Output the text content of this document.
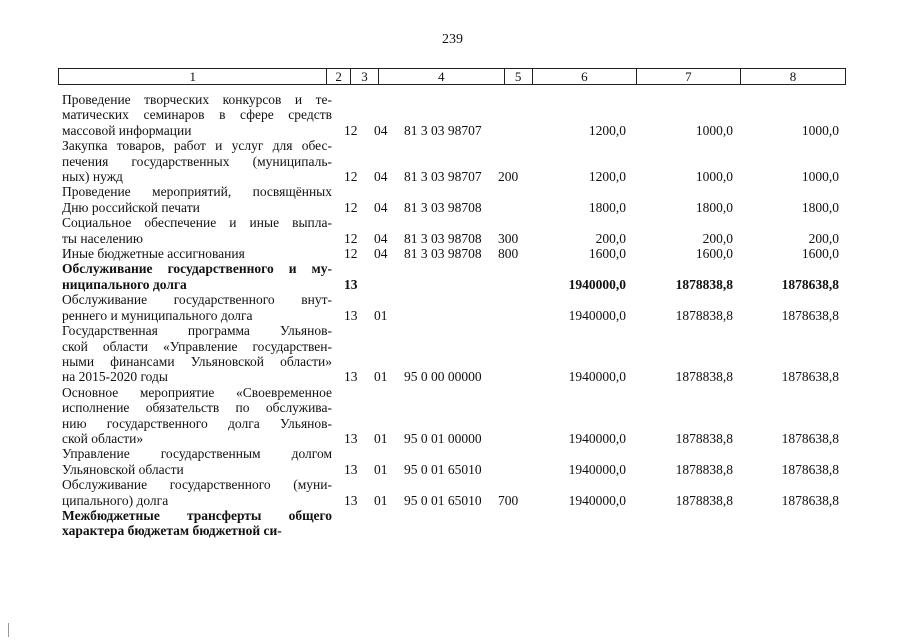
239
1	2	3	4	5	6	7	8
Проведение творческих конкурсов и те-
матических семинаров в сфере средств
массовой информации	12 04 81 3 03 98707	1200,0	1000,0	1000,0
Закупка товаров, работ и услуг для обес-
печения государственных (муниципаль-
ных) нужд	12 04 81 3 03 98707 200	1200,0	1000,0	1000,0
Проведение мероприятий, посвящённых
Дню российской печати	12 04 81 3 03 98708	1800,0	1800,0	1800,0
Социальное обеспечение и иные выпла-
ты населению	12 04 81 3 03 98708 300	200,0	200,0	200,0
Иные бюджетные ассигнования	12 04 81 3 03 98708 800	1600,0	1600,0	1600,0
Обслуживание государственного и му-
ниципального долга	13	1940000,0	1878838,8	1878638,8
Обслуживание государственного внут-
реннего и муниципального долга	13 01	1940000,0	1878838,8	1878638,8
Государственная программа Ульянов-
ской области «Управление государствен-
ными финансами Ульяновской области»
на 2015-2020 годы	13 01 95 0 00 00000	1940000,0	1878838,8	1878638,8
Основное мероприятие «Своевременное
исполнение обязательств по обслужива-
нию государственного долга Ульянов-
ской области»	13 01 95 0 01 00000	1940000,0	1878838,8	1878638,8
Управление государственным долгом
Ульяновской области	13 01 95 0 01 65010	1940000,0	1878838,8	1878638,8
Обслуживание государственного (муни-
ципального) долга	13 01 95 0 01 65010 700	1940000,0	1878838,8	1878638,8
Межбюджетные трансферты общего
характера бюджетам бюджетной си-
